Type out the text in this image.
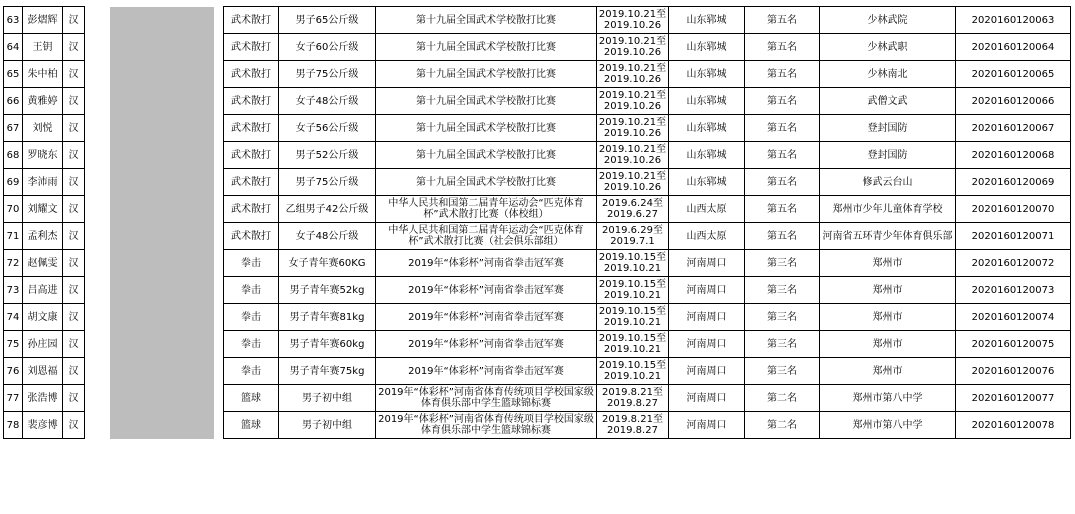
63	彭熠辉	汉				武术散打	男子65公斤级	第十九届全国武术学校散打比赛	2019.10.21至2019.10.26	山东郓城	第五名	少林武院	2020160120063
64	王钥	汉				武术散打	女子60公斤级	第十九届全国武术学校散打比赛	2019.10.21至2019.10.26	山东郓城	第五名	少林武职	2020160120064
65	朱中柏	汉				武术散打	男子75公斤级	第十九届全国武术学校散打比赛	2019.10.21至2019.10.26	山东郓城	第五名	少林南北	2020160120065
66	黄雅婷	汉				武术散打	女子48公斤级	第十九届全国武术学校散打比赛	2019.10.21至2019.10.26	山东郓城	第五名	武僧文武	2020160120066
67	刘悦	汉				武术散打	女子56公斤级	第十九届全国武术学校散打比赛	2019.10.21至2019.10.26	山东郓城	第五名	登封国防	2020160120067
68	罗晓东	汉				武术散打	男子52公斤级	第十九届全国武术学校散打比赛	2019.10.21至2019.10.26	山东郓城	第五名	登封国防	2020160120068
69	李沛雨	汉				武术散打	男子75公斤级	第十九届全国武术学校散打比赛	2019.10.21至2019.10.26	山东郓城	第五名	修武云台山	2020160120069
70	刘耀文	汉				武术散打	乙组男子42公斤级	中华人民共和国第二届青年运动会“匹克体育杯”武术散打比赛（体校组）	2019.6.24至2019.6.27	山西太原	第五名	郑州市少年儿童体育学校	2020160120070
71	孟利杰	汉				武术散打	女子48公斤级	中华人民共和国第二届青年运动会“匹克体育杯”武术散打比赛（社会俱乐部组）	2019.6.29至2019.7.1	山西太原	第五名	河南省五环青少年体育俱乐部	2020160120071
72	赵佩雯	汉				拳击	女子青年赛60KG	2019年“体彩杯”河南省拳击冠军赛	2019.10.15至2019.10.21	河南周口	第三名	郑州市	2020160120072
73	吕高进	汉				拳击	男子青年赛52kg	2019年“体彩杯”河南省拳击冠军赛	2019.10.15至2019.10.21	河南周口	第三名	郑州市	2020160120073
74	胡文康	汉				拳击	男子青年赛81kg	2019年“体彩杯”河南省拳击冠军赛	2019.10.15至2019.10.21	河南周口	第三名	郑州市	2020160120074
75	孙庄园	汉				拳击	男子青年赛60kg	2019年“体彩杯”河南省拳击冠军赛	2019.10.15至2019.10.21	河南周口	第三名	郑州市	2020160120075
76	刘恩福	汉				拳击	男子青年赛75kg	2019年“体彩杯”河南省拳击冠军赛	2019.10.15至2019.10.21	河南周口	第三名	郑州市	2020160120076
77	张浩博	汉				篮球	男子初中组	2019年“体彩杯”河南省体育传统项目学校国家级体育俱乐部中学生篮球锦标赛	2019.8.21至2019.8.27	河南周口	第二名	郑州市第八中学	2020160120077
78	裴彦博	汉				篮球	男子初中组	2019年“体彩杯”河南省体育传统项目学校国家级体育俱乐部中学生篮球锦标赛	2019.8.21至2019.8.27	河南周口	第二名	郑州市第八中学	2020160120078
